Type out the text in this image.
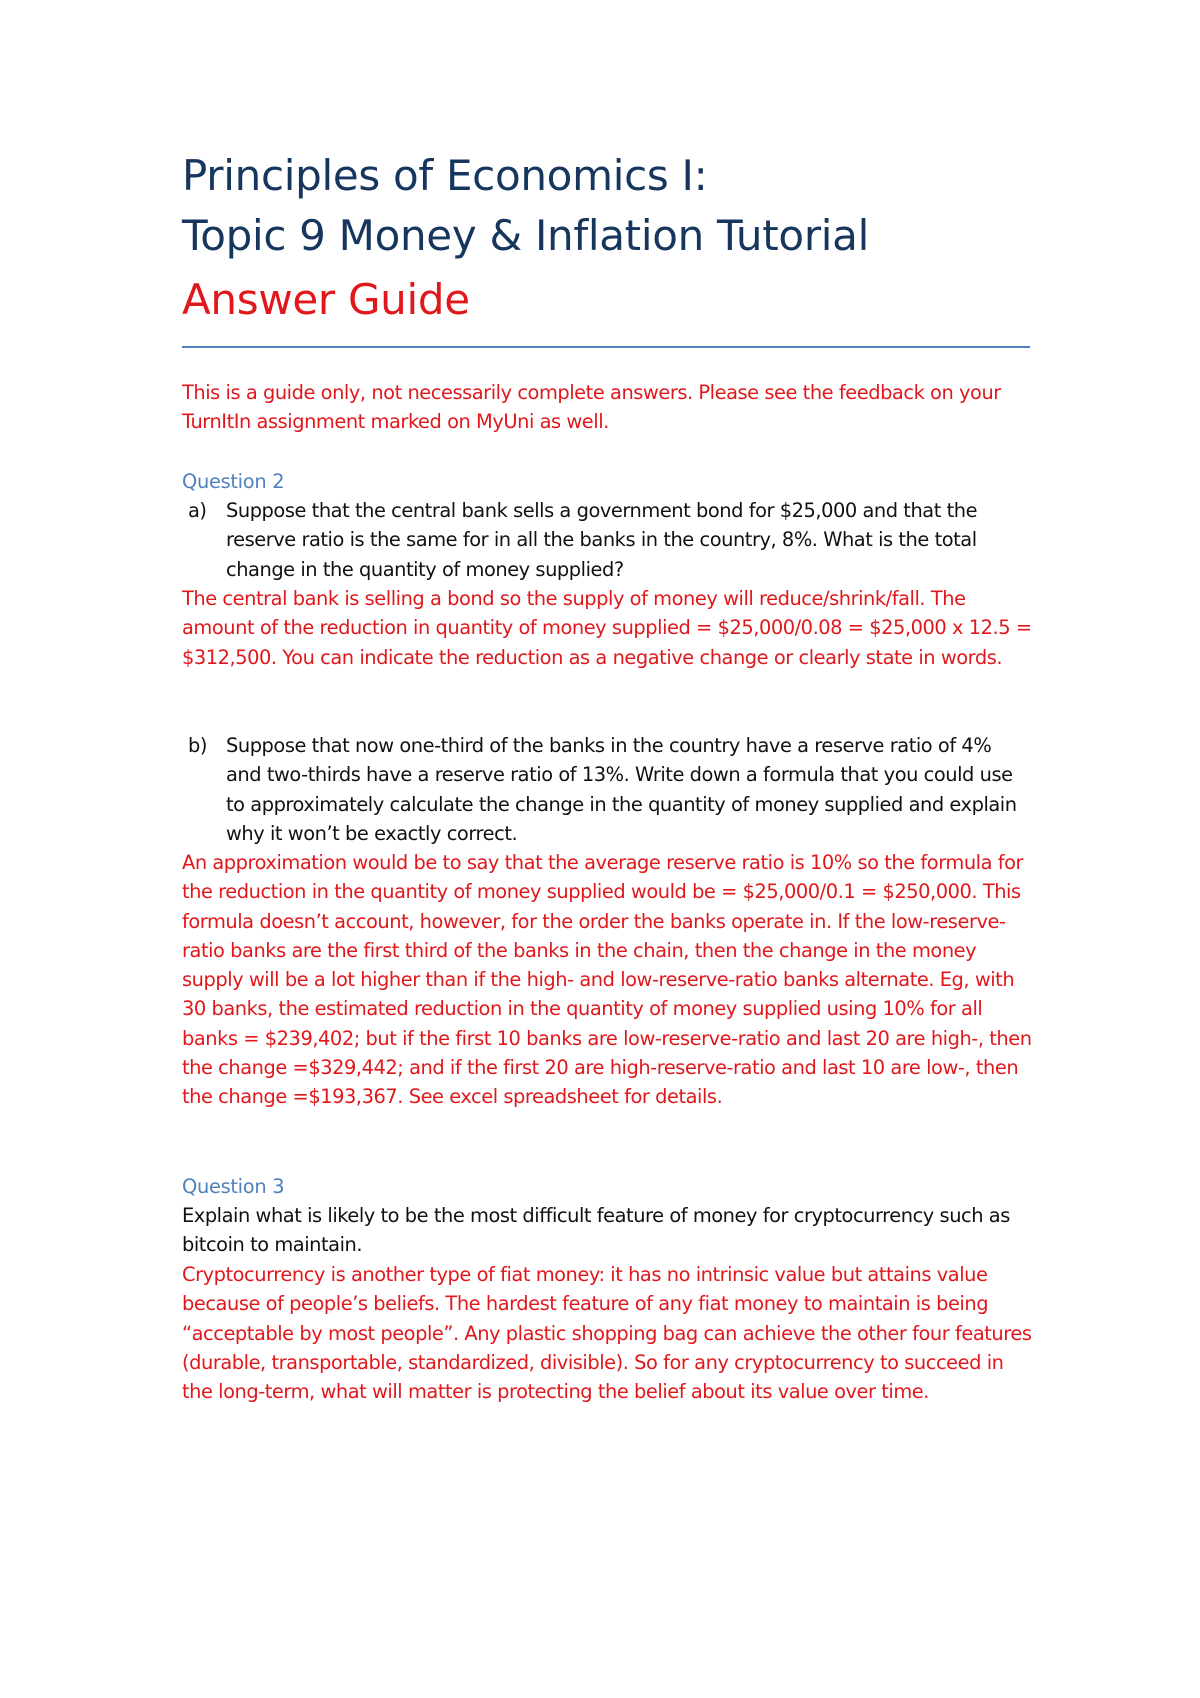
Principles of Economics I:
Topic 9 Money & Inflation Tutorial
Answer Guide
This is a guide only, not necessarily complete answers. Please see the feedback on your TurnItIn assignment marked on MyUni as well.
Question 2
a) Suppose that the central bank sells a government bond for $25,000 and that the reserve ratio is the same for in all the banks in the country, 8%. What is the total change in the quantity of money supplied?
The central bank is selling a bond so the supply of money will reduce/shrink/fall. The amount of the reduction in quantity of money supplied = $25,000/0.08 = $25,000 x 12.5 = $312,500. You can indicate the reduction as a negative change or clearly state in words.
b) Suppose that now one-third of the banks in the country have a reserve ratio of 4% and two-thirds have a reserve ratio of 13%. Write down a formula that you could use to approximately calculate the change in the quantity of money supplied and explain why it won’t be exactly correct.
An approximation would be to say that the average reserve ratio is 10% so the formula for the reduction in the quantity of money supplied would be = $25,000/0.1 = $250,000. This formula doesn’t account, however, for the order the banks operate in. If the low-reserve-ratio banks are the first third of the banks in the chain, then the change in the money supply will be a lot higher than if the high- and low-reserve-ratio banks alternate. Eg, with 30 banks, the estimated reduction in the quantity of money supplied using 10% for all banks = $239,402; but if the first 10 banks are low-reserve-ratio and last 20 are high-, then the change =$329,442; and if the first 20 are high-reserve-ratio and last 10 are low-, then the change =$193,367. See excel spreadsheet for details.
Question 3
Explain what is likely to be the most difficult feature of money for cryptocurrency such as bitcoin to maintain.
Cryptocurrency is another type of fiat money: it has no intrinsic value but attains value because of people’s beliefs. The hardest feature of any fiat money to maintain is being “acceptable by most people”. Any plastic shopping bag can achieve the other four features (durable, transportable, standardized, divisible). So for any cryptocurrency to succeed in the long-term, what will matter is protecting the belief about its value over time.
